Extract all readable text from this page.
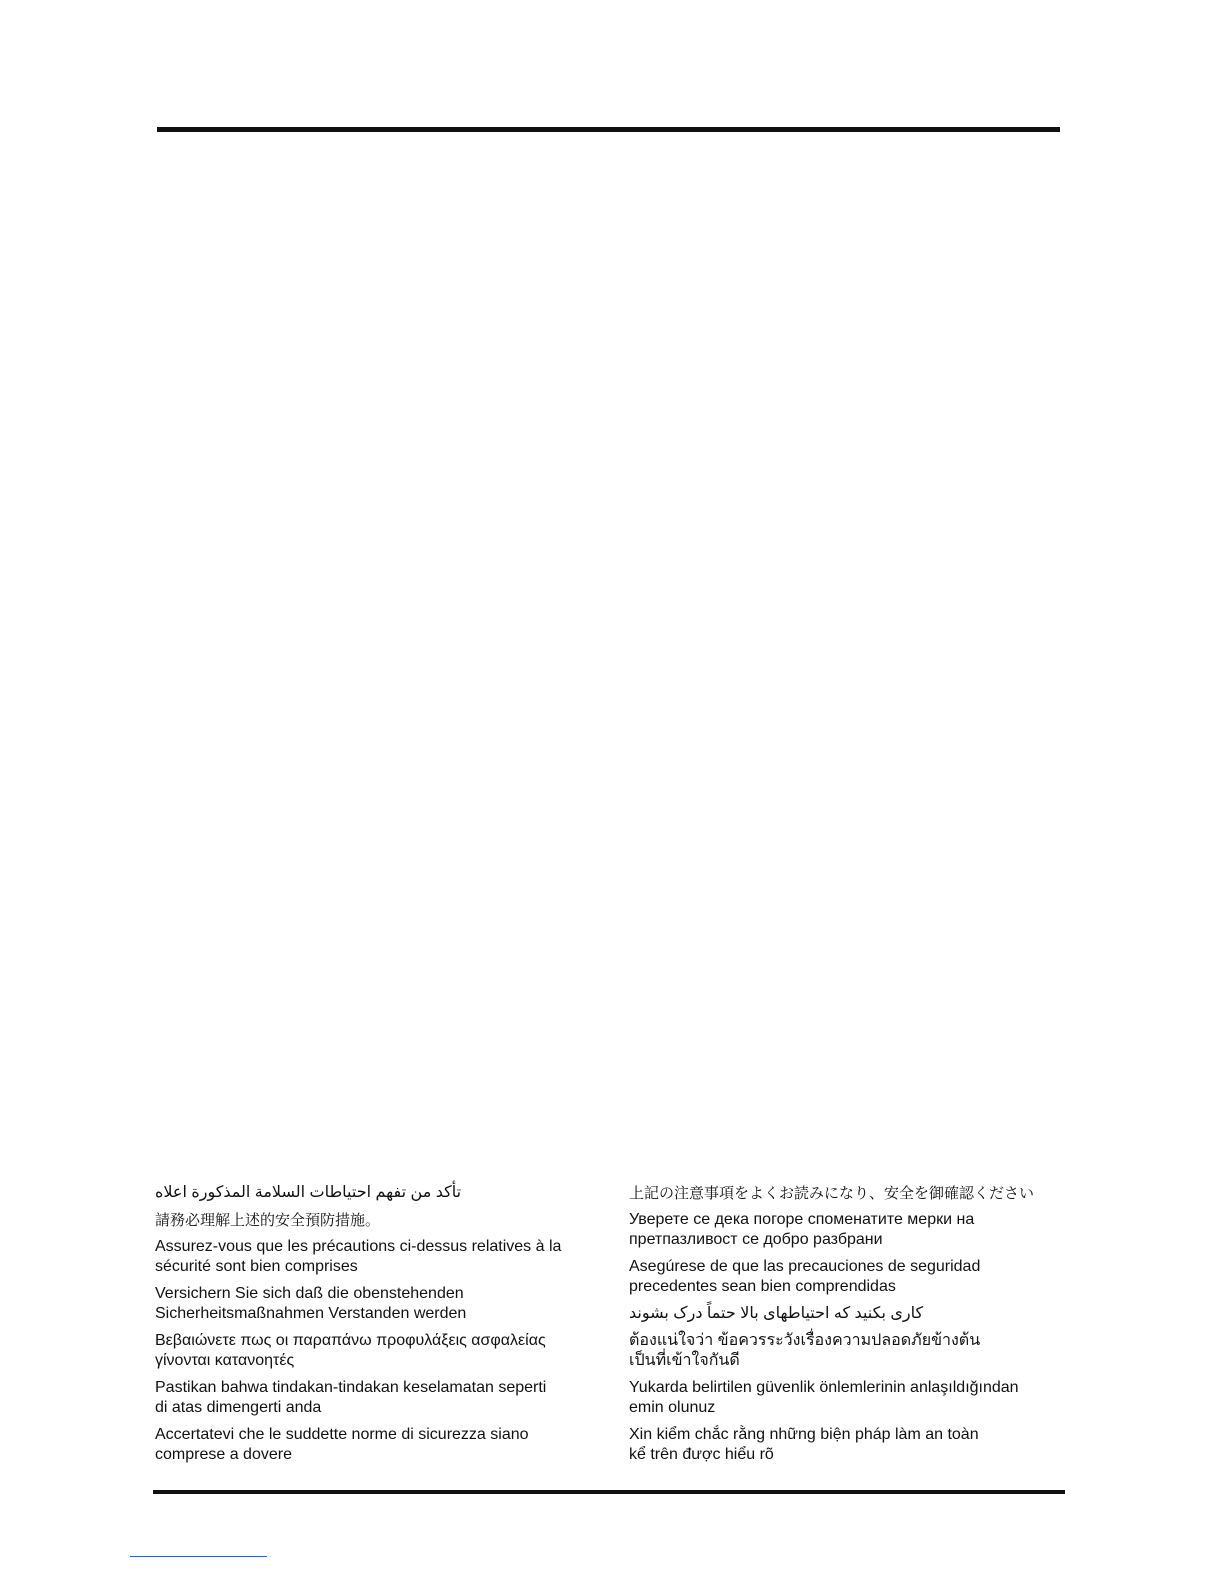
تأكد من تفهم احتياطات السلامة المذكورة اعلاه

請務必理解上述的安全預防措施。

Assurez-vous que les précautions ci-dessus relatives à la
sécurité sont bien comprises

Versichern Sie sich daß die obenstehenden
Sicherheitsmaßnahmen Verstanden werden

Βεβαιώνετε πως οι παραπάνω προφυλάξεις ασφαλείας
γίνονται κατανοητές

Pastikan bahwa tindakan-tindakan keselamatan seperti
di atas dimengerti anda

Accertatevi che le suddette norme di sicurezza siano
comprese a dovere

上記の注意事項をよくお読みになり、安全を御確認ください

Уверете се дека погоре споменатите мерки на
претпазливост се добро разбрани

Asegúrese de que las precauciones de seguridad
precedentes sean bien comprendidas

کاری بکنید که احتیاطهای بالا حتماً درک بشوند

ต้องแน่ใจว่า ข้อควรระวังเรื่องความปลอดภัยข้างต้น
เป็นที่เข้าใจกันดี

Yukarda belirtilen güvenlik önlemlerinin anlaşıldığından
emin olunuz

Xin kiểm chắc rằng những biện pháp làm an toàn
kể trên được hiểu rõ
